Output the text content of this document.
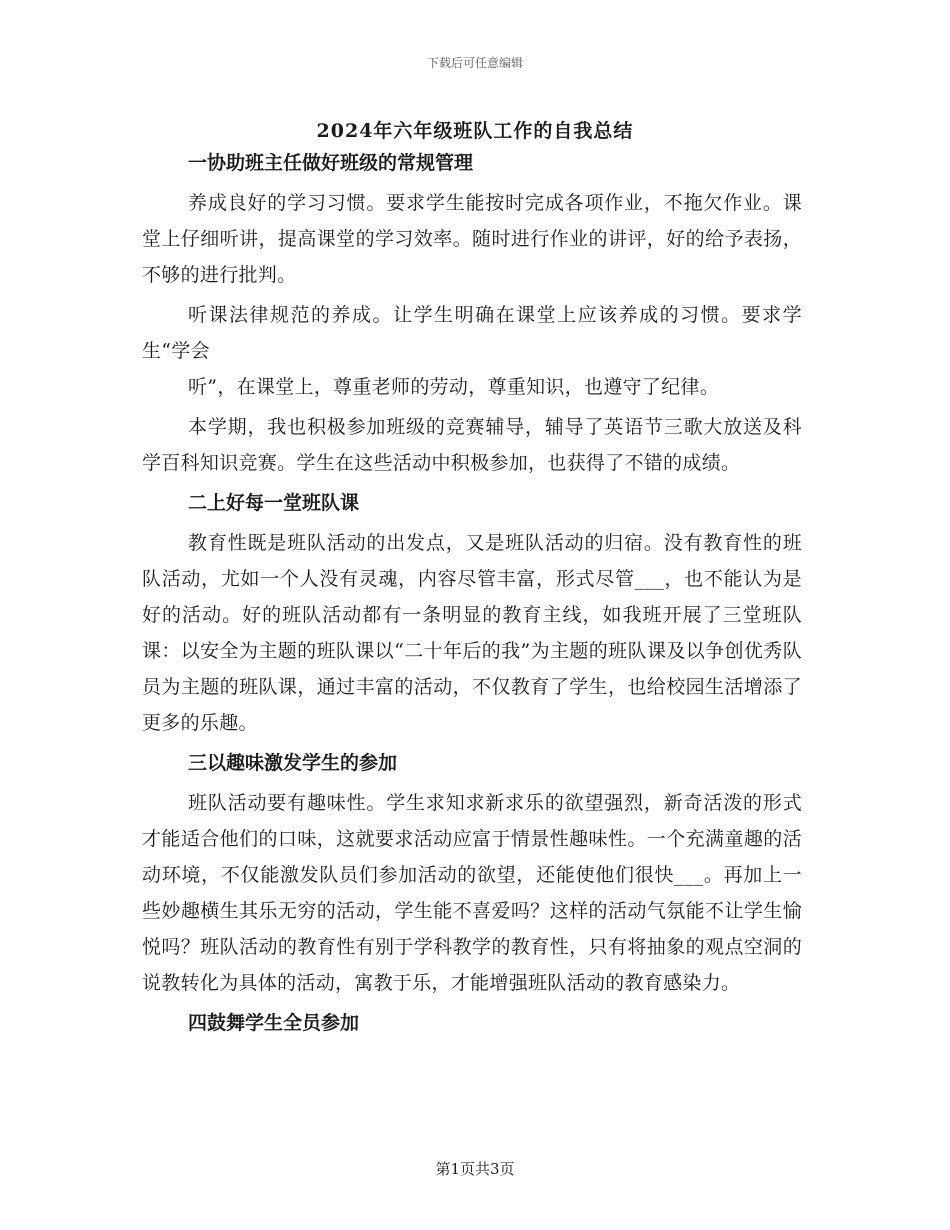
下载后可任意编辑
2024年六年级班队工作的自我总结
一协助班主任做好班级的常规管理

养成良好的学习习惯。要求学生能按时完成各项作业，不拖欠作业。课堂上仔细听讲，提高课堂的学习效率。随时进行作业的讲评，好的给予表扬，不够的进行批判。

听课法律规范的养成。让学生明确在课堂上应该养成的习惯。要求学生“学会

听”，在课堂上，尊重老师的劳动，尊重知识，也遵守了纪律。

本学期，我也积极参加班级的竞赛辅导，辅导了英语节三歌大放送及科学百科知识竞赛。学生在这些活动中积极参加，也获得了不错的成绩。

二上好每一堂班队课

教育性既是班队活动的出发点，又是班队活动的归宿。没有教育性的班队活动，尤如一个人没有灵魂，内容尽管丰富，形式尽管___，也不能认为是好的活动。好的班队活动都有一条明显的教育主线，如我班开展了三堂班队课：以安全为主题的班队课以“二十年后的我”为主题的班队课及以争创优秀队员为主题的班队课，通过丰富的活动，不仅教育了学生，也给校园生活增添了更多的乐趣。

三以趣味激发学生的参加

班队活动要有趣味性。学生求知求新求乐的欲望强烈，新奇活泼的形式才能适合他们的口味，这就要求活动应富于情景性趣味性。一个充满童趣的活动环境，不仅能激发队员们参加活动的欲望，还能使他们很快___。再加上一些妙趣横生其乐无穷的活动，学生能不喜爱吗？这样的活动气氛能不让学生愉悦吗？班队活动的教育性有别于学科教学的教育性，只有将抽象的观点空洞的说教转化为具体的活动，寓教于乐，才能增强班队活动的教育感染力。

四鼓舞学生全员参加
第1页共3页
